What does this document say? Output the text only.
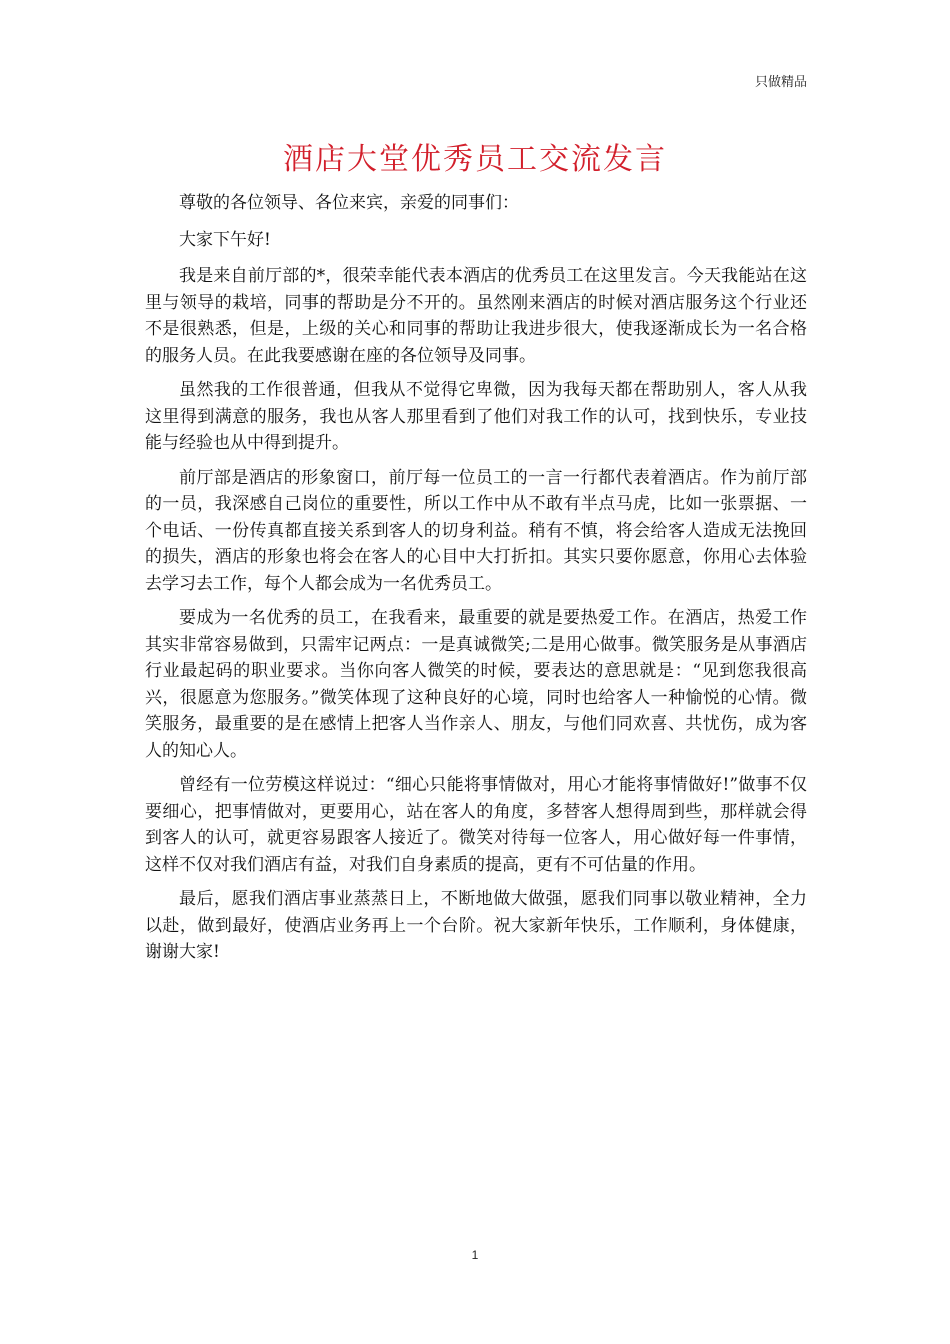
只做精品
酒店大堂优秀员工交流发言

尊敬的各位领导、各位来宾，亲爱的同事们：

大家下午好!

我是来自前厅部的*，很荣幸能代表本酒店的优秀员工在这里发言。今天我能站在这里与领导的栽培，同事的帮助是分不开的。虽然刚来酒店的时候对酒店服务这个行业还不是很熟悉，但是，上级的关心和同事的帮助让我进步很大，使我逐渐成长为一名合格的服务人员。在此我要感谢在座的各位领导及同事。

虽然我的工作很普通，但我从不觉得它卑微，因为我每天都在帮助别人，客人从我这里得到满意的服务，我也从客人那里看到了他们对我工作的认可，找到快乐，专业技能与经验也从中得到提升。

前厅部是酒店的形象窗口，前厅每一位员工的一言一行都代表着酒店。作为前厅部的一员，我深感自己岗位的重要性，所以工作中从不敢有半点马虎，比如一张票据、一个电话、一份传真都直接关系到客人的切身利益。稍有不慎，将会给客人造成无法挽回的损失，酒店的形象也将会在客人的心目中大打折扣。其实只要你愿意，你用心去体验去学习去工作，每个人都会成为一名优秀员工。

要成为一名优秀的员工，在我看来，最重要的就是要热爱工作。在酒店，热爱工作其实非常容易做到，只需牢记两点：一是真诚微笑;二是用心做事。微笑服务是从事酒店行业最起码的职业要求。当你向客人微笑的时候，要表达的意思就是：“见到您我很高兴，很愿意为您服务。”微笑体现了这种良好的心境，同时也给客人一种愉悦的心情。微笑服务，最重要的是在感情上把客人当作亲人、朋友，与他们同欢喜、共忧伤，成为客人的知心人。

曾经有一位劳模这样说过：“细心只能将事情做对，用心才能将事情做好!”做事不仅要细心，把事情做对，更要用心，站在客人的角度，多替客人想得周到些，那样就会得到客人的认可，就更容易跟客人接近了。微笑对待每一位客人，用心做好每一件事情，这样不仅对我们酒店有益，对我们自身素质的提高，更有不可估量的作用。

最后，愿我们酒店事业蒸蒸日上，不断地做大做强，愿我们同事以敬业精神，全力以赴，做到最好，使酒店业务再上一个台阶。祝大家新年快乐，工作顺利，身体健康，谢谢大家!

1
